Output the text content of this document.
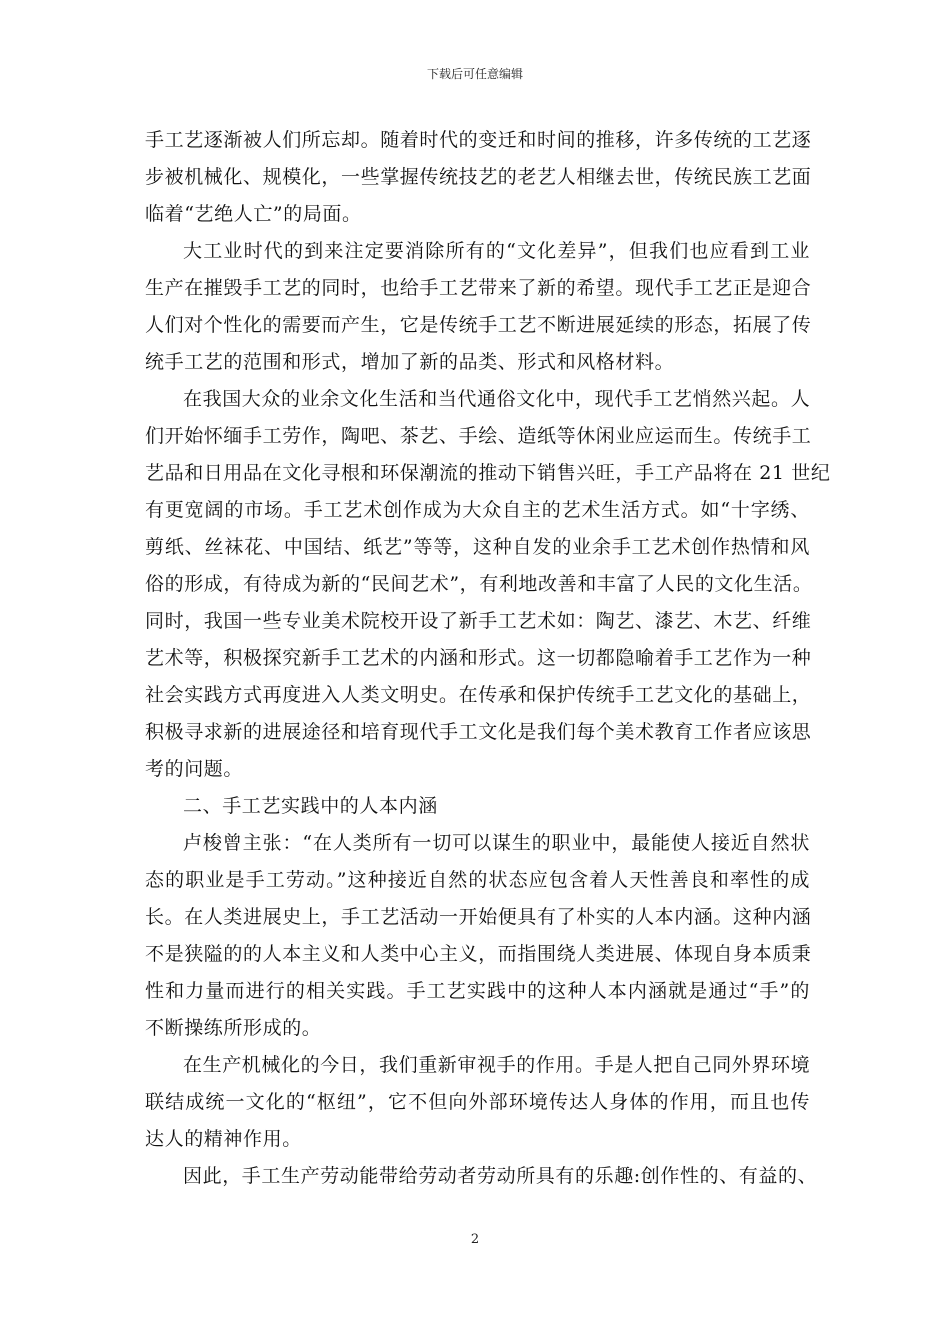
下载后可任意编辑
手工艺逐渐被人们所忘却。随着时代的变迁和时间的推移，许多传统的工艺逐
步被机械化、规模化，一些掌握传统技艺的老艺人相继去世，传统民族工艺面
临着“艺绝人亡”的局面。
大工业时代的到来注定要消除所有的“文化差异”，但我们也应看到工业
生产在摧毁手工艺的同时，也给手工艺带来了新的希望。现代手工艺正是迎合
人们对个性化的需要而产生，它是传统手工艺不断进展延续的形态，拓展了传
统手工艺的范围和形式，增加了新的品类、形式和风格材料。
在我国大众的业余文化生活和当代通俗文化中，现代手工艺悄然兴起。人
们开始怀缅手工劳作，陶吧、茶艺、手绘、造纸等休闲业应运而生。传统手工
艺品和日用品在文化寻根和环保潮流的推动下销售兴旺，手工产品将在 21 世纪
有更宽阔的市场。手工艺术创作成为大众自主的艺术生活方式。如“十字绣、
剪纸、丝袜花、中国结、纸艺”等等，这种自发的业余手工艺术创作热情和风
俗的形成，有待成为新的“民间艺术”，有利地改善和丰富了人民的文化生活。
同时，我国一些专业美术院校开设了新手工艺术如：陶艺、漆艺、木艺、纤维
艺术等，积极探究新手工艺术的内涵和形式。这一切都隐喻着手工艺作为一种
社会实践方式再度进入人类文明史。在传承和保护传统手工艺文化的基础上，
积极寻求新的进展途径和培育现代手工文化是我们每个美术教育工作者应该思
考的问题。
二、手工艺实践中的人本内涵
卢梭曾主张：“在人类所有一切可以谋生的职业中，最能使人接近自然状
态的职业是手工劳动。”这种接近自然的状态应包含着人天性善良和率性的成
长。在人类进展史上，手工艺活动一开始便具有了朴实的人本内涵。这种内涵
不是狭隘的的人本主义和人类中心主义，而指围绕人类进展、体现自身本质秉
性和力量而进行的相关实践。手工艺实践中的这种人本内涵就是通过“手”的
不断操练所形成的。
在生产机械化的今日，我们重新审视手的作用。手是人把自己同外界环境
联结成统一文化的“枢纽”，它不但向外部环境传达人身体的作用，而且也传
达人的精神作用。
因此，手工生产劳动能带给劳动者劳动所具有的乐趣:创作性的、有益的、
2
